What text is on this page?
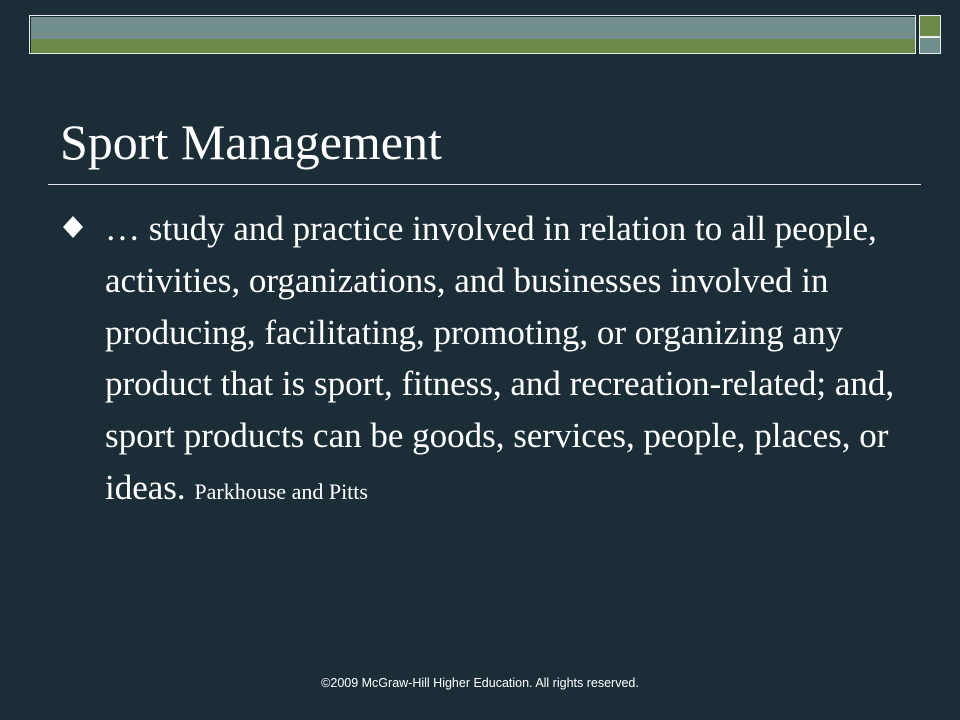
Sport Management

… study and practice involved in relation to all people, activities, organizations, and businesses involved in producing, facilitating, promoting, or organizing any product that is sport, fitness, and recreation-related; and, sport products can be goods, services, people, places, or ideas. Parkhouse and Pitts

©2009 McGraw-Hill Higher Education. All rights reserved.
